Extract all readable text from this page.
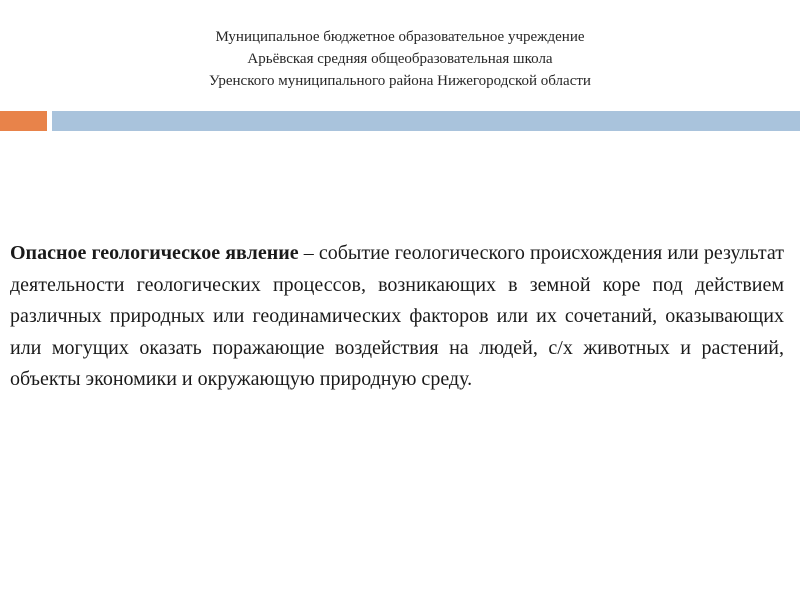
Муниципальное бюджетное образовательное учреждение
Арьёвская средняя общеобразовательная школа
Уренского муниципального района Нижегородской области

Опасное геологическое явление – событие геологического происхождения или результат деятельности геологических процессов, возникающих в земной коре под действием различных природных или геодинамических факторов или их сочетаний, оказывающих или могущих оказать поражающие воздействия на людей, с/х животных и растений, объекты экономики и окружающую природную среду.
